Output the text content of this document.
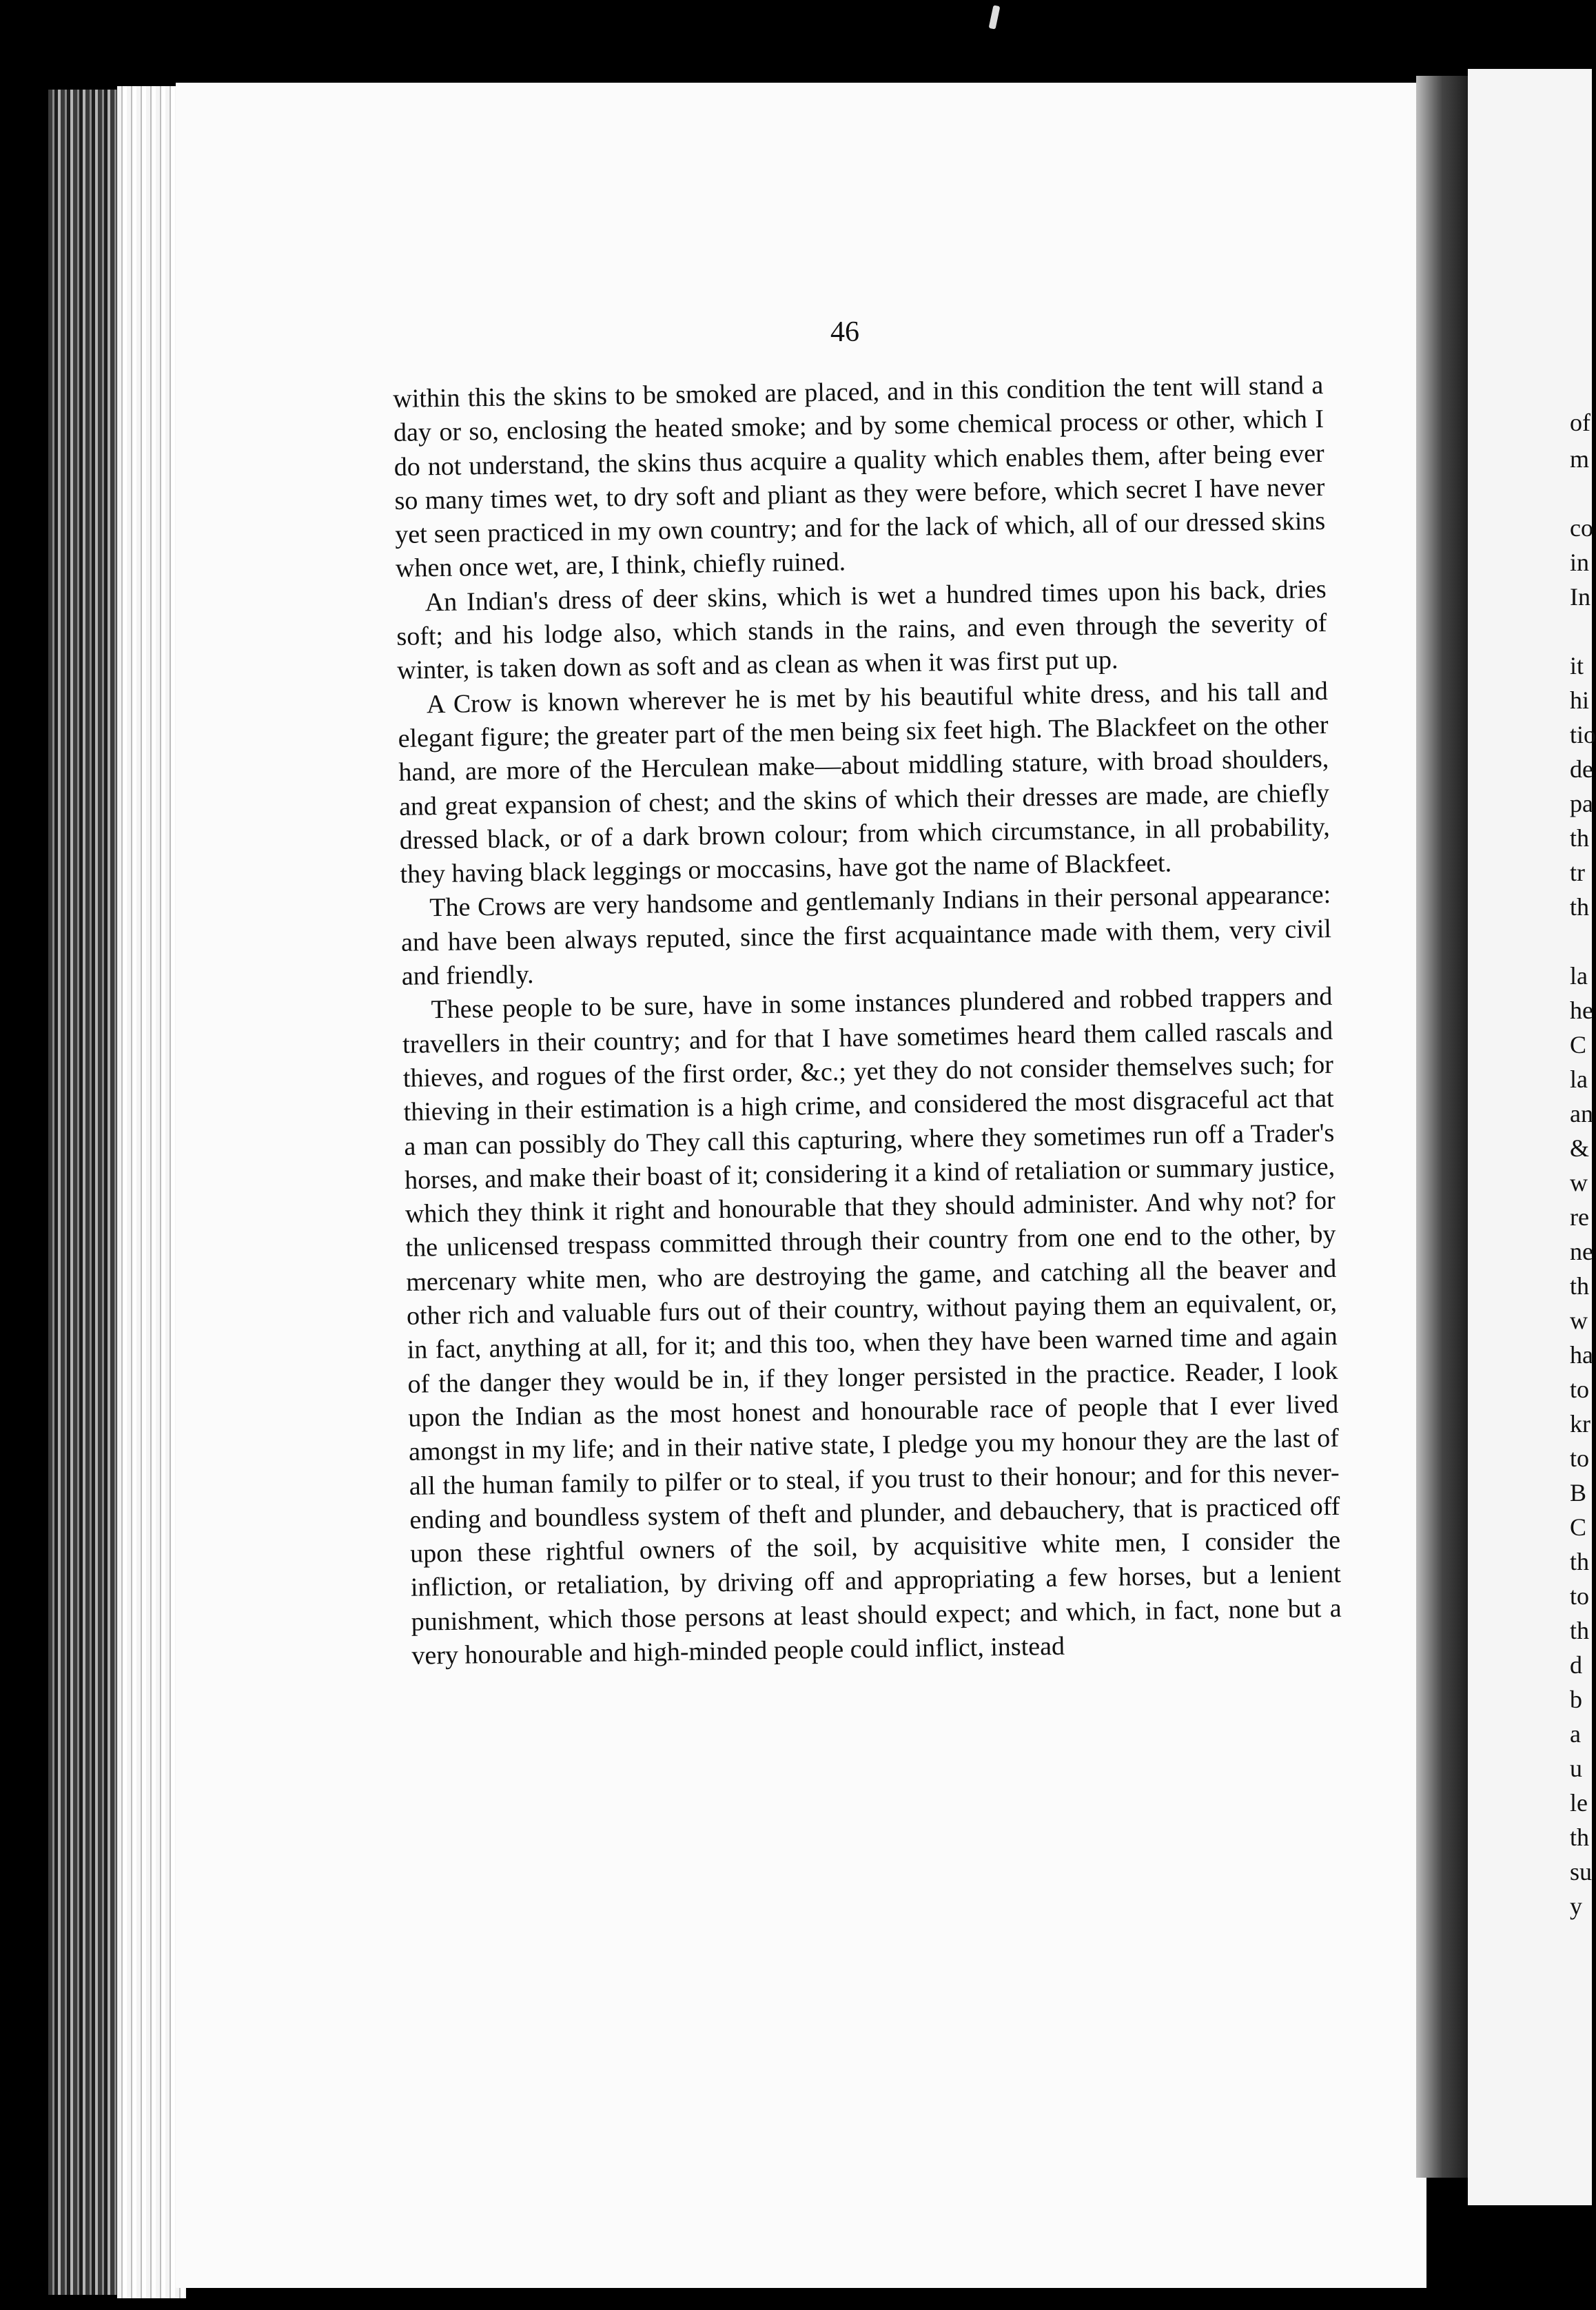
of
m
co
in
In
it
hi
tio
de
pa
th
tr
th
la
he
C
la
an
&
w
re
ne
th
w
ha
to
kr
to
B
C
th
to
th
d
b
a
u
le
th
su
y
46

within this the skins to be smoked are placed, and in this condition the tent will stand a day or so, enclosing the heated smoke; and by some chemical process or other, which I do not understand, the skins thus acquire a quality which enables them, after being ever so many times wet, to dry soft and pliant as they were before, which secret I have never yet seen practiced in my own country; and for the lack of which, all of our dressed skins when once wet, are, I think, chiefly ruined.

An Indian's dress of deer skins, which is wet a hundred times upon his back, dries soft; and his lodge also, which stands in the rains, and even through the severity of winter, is taken down as soft and as clean as when it was first put up.

A Crow is known wherever he is met by his beautiful white dress, and his tall and elegant figure; the greater part of the men being six feet high. The Blackfeet on the other hand, are more of the Herculean make—about middling stature, with broad shoulders, and great expansion of chest; and the skins of which their dresses are made, are chiefly dressed black, or of a dark brown colour; from which circumstance, in all probability, they having black leggings or moccasins, have got the name of Blackfeet.

The Crows are very handsome and gentlemanly Indians in their personal appearance: and have been always reputed, since the first acquaintance made with them, very civil and friendly.

These people to be sure, have in some instances plundered and robbed trappers and travellers in their country; and for that I have sometimes heard them called rascals and thieves, and rogues of the first order, &c.; yet they do not consider themselves such; for thieving in their estimation is a high crime, and considered the most disgraceful act that a man can possibly do They call this capturing, where they sometimes run off a Trader's horses, and make their boast of it; considering it a kind of retaliation or summary justice, which they think it right and honourable that they should administer. And why not? for the unlicensed trespass committed through their country from one end to the other, by mercenary white men, who are destroying the game, and catching all the beaver and other rich and valuable furs out of their country, without paying them an equivalent, or, in fact, anything at all, for it; and this too, when they have been warned time and again of the danger they would be in, if they longer persisted in the practice. Reader, I look upon the Indian as the most honest and honourable race of people that I ever lived amongst in my life; and in their native state, I pledge you my honour they are the last of all the human family to pilfer or to steal, if you trust to their honour; and for this never-ending and boundless system of theft and plunder, and debauchery, that is practiced off upon these rightful owners of the soil, by acquisitive white men, I consider the infliction, or retaliation, by driving off and appropriating a few horses, but a lenient punishment, which those persons at least should expect; and which, in fact, none but a very honourable and high-minded people could inflict, instead
